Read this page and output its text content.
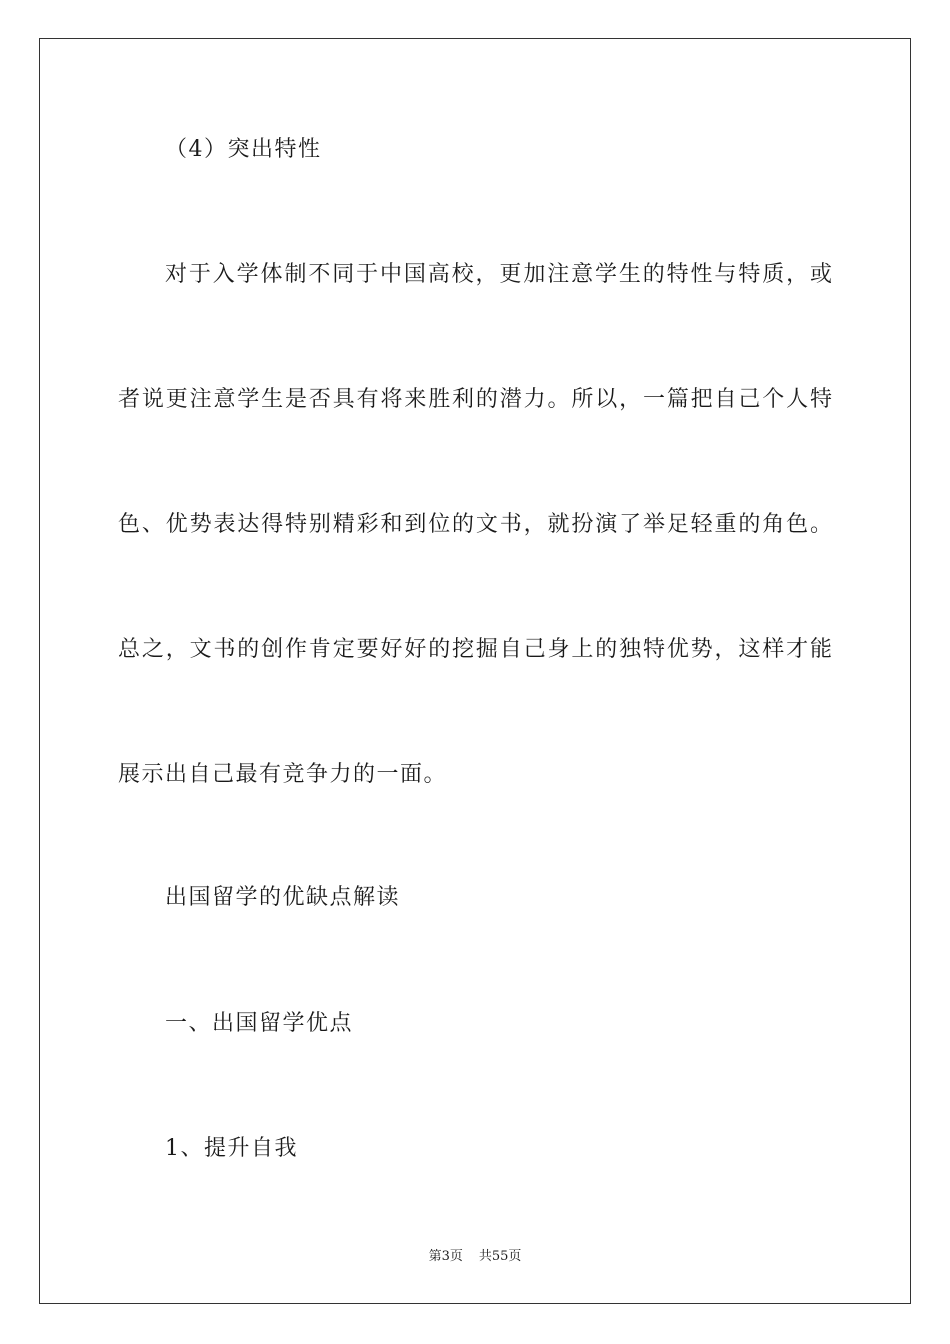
（4）突出特性
对于入学体制不同于中国高校，更加注意学生的特性与特质，或
者说更注意学生是否具有将来胜利的潜力。所以，一篇把自己个人特
色、优势表达得特别精彩和到位的文书，就扮演了举足轻重的角色。
总之，文书的创作肯定要好好的挖掘自己身上的独特优势，这样才能
展示出自己最有竞争力的一面。
出国留学的优缺点解读
一、出国留学优点
1、提升自我
第3页 共55页
